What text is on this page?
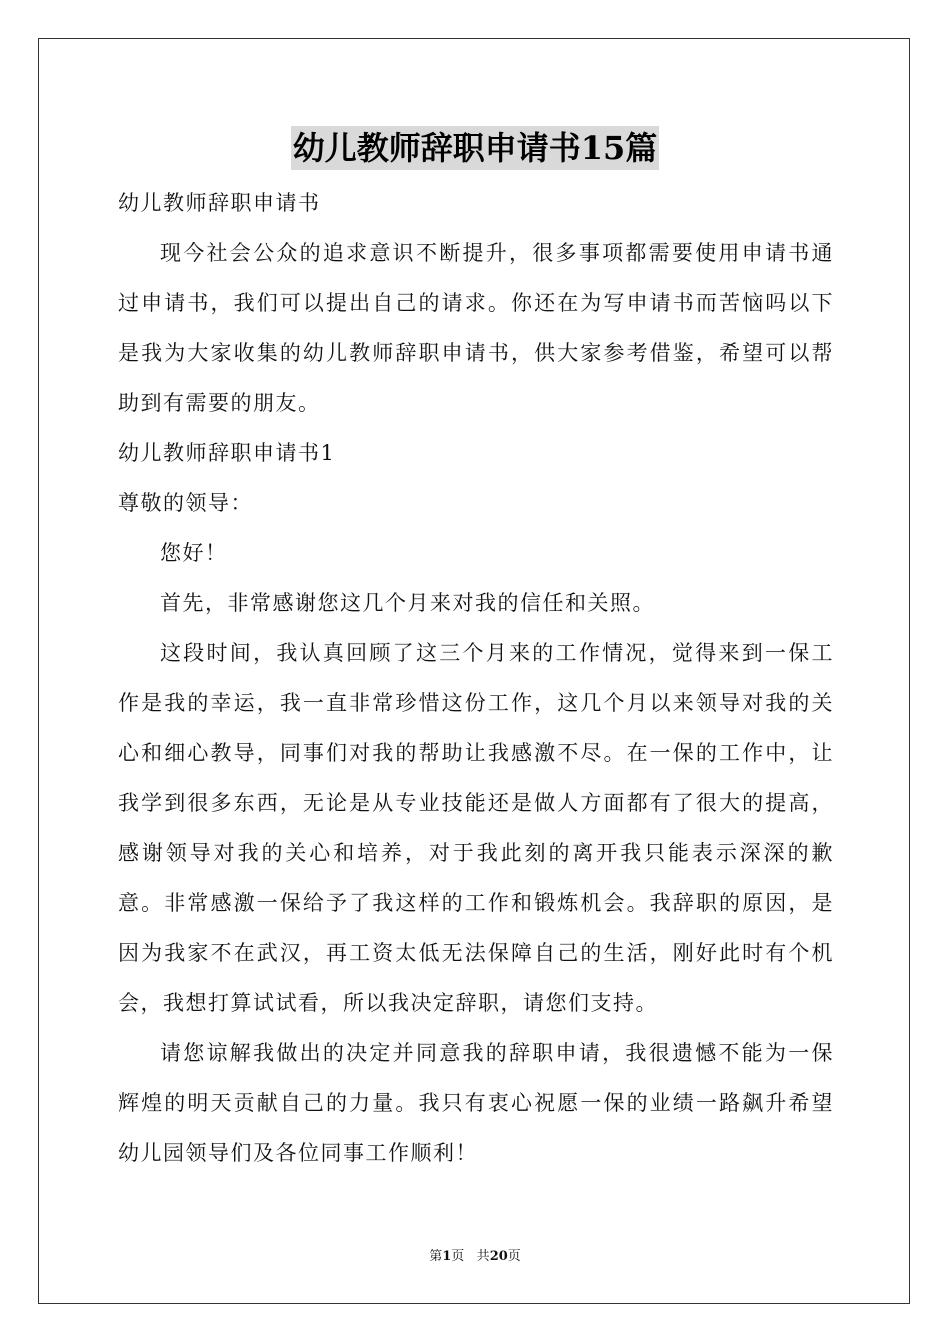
幼儿教师辞职申请书15篇

幼儿教师辞职申请书

现今社会公众的追求意识不断提升，很多事项都需要使用申请书通过申请书，我们可以提出自己的请求。你还在为写申请书而苦恼吗以下是我为大家收集的幼儿教师辞职申请书，供大家参考借鉴，希望可以帮助到有需要的朋友。

幼儿教师辞职申请书1

尊敬的领导：

您好！

首先，非常感谢您这几个月来对我的信任和关照。

这段时间，我认真回顾了这三个月来的工作情况，觉得来到一保工作是我的幸运，我一直非常珍惜这份工作，这几个月以来领导对我的关心和细心教导，同事们对我的帮助让我感激不尽。在一保的工作中，让我学到很多东西，无论是从专业技能还是做人方面都有了很大的提高，感谢领导对我的关心和培养，对于我此刻的离开我只能表示深深的歉意。非常感激一保给予了我这样的工作和锻炼机会。我辞职的原因，是因为我家不在武汉，再工资太低无法保障自己的生活，刚好此时有个机会，我想打算试试看，所以我决定辞职，请您们支持。

请您谅解我做出的决定并同意我的辞职申请，我很遗憾不能为一保辉煌的明天贡献自己的力量。我只有衷心祝愿一保的业绩一路飙升希望幼儿园领导们及各位同事工作顺利！

第1页 共20页
